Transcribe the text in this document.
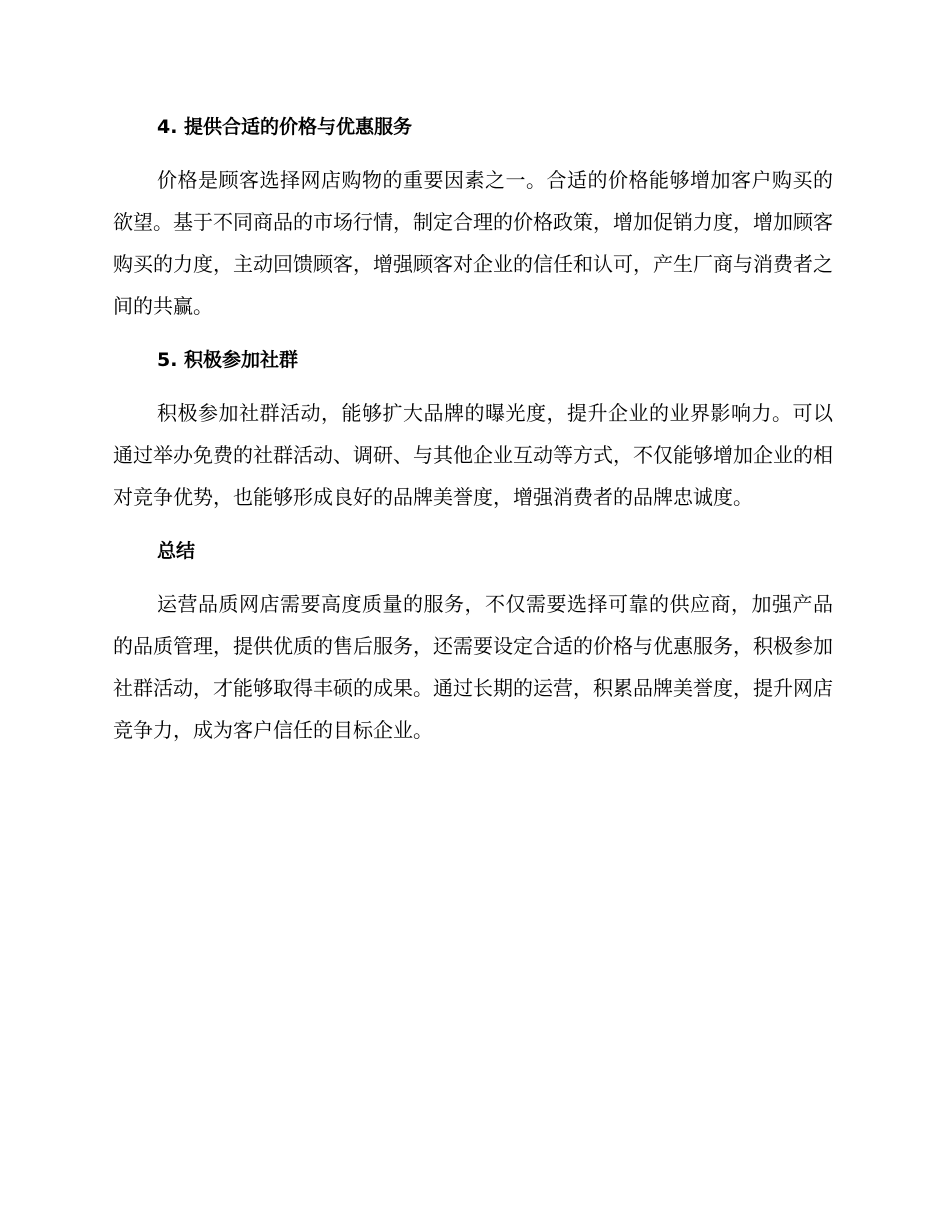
4. 提供合适的价格与优惠服务

价格是顾客选择网店购物的重要因素之一。合适的价格能够增加客户购买的欲望。基于不同商品的市场行情，制定合理的价格政策，增加促销力度，增加顾客购买的力度，主动回馈顾客，增强顾客对企业的信任和认可，产生厂商与消费者之间的共赢。

5. 积极参加社群

积极参加社群活动，能够扩大品牌的曝光度，提升企业的业界影响力。可以通过举办免费的社群活动、调研、与其他企业互动等方式，不仅能够增加企业的相对竞争优势，也能够形成良好的品牌美誉度，增强消费者的品牌忠诚度。

总结

运营品质网店需要高度质量的服务，不仅需要选择可靠的供应商，加强产品的品质管理，提供优质的售后服务，还需要设定合适的价格与优惠服务，积极参加社群活动，才能够取得丰硕的成果。通过长期的运营，积累品牌美誉度，提升网店竞争力，成为客户信任的目标企业。
